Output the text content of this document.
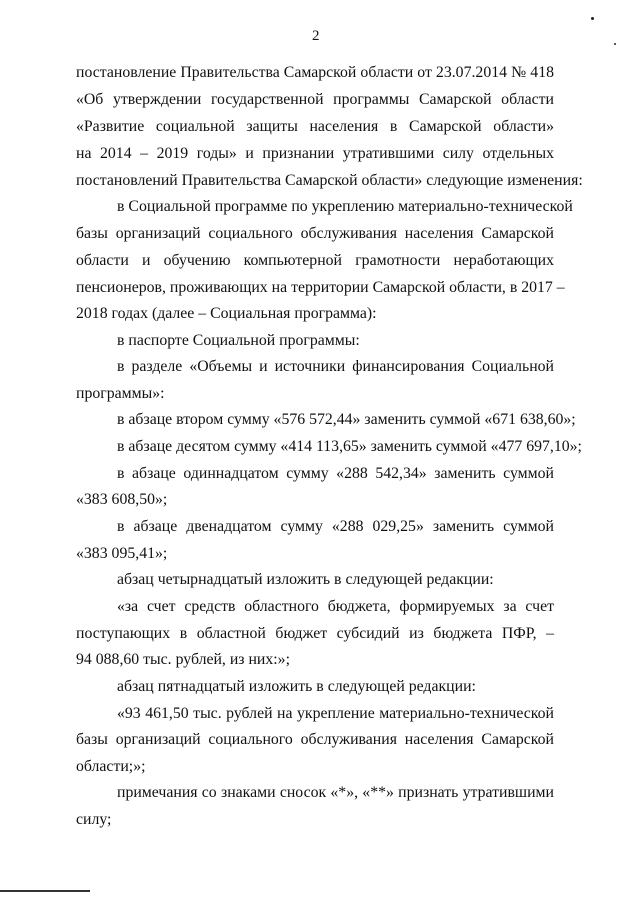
2
постановление Правительства Самарской области от 23.07.2014 № 418
«Об утверждении государственной программы Самарской области
«Развитие социальной защиты населения в Самарской области»
на 2014 – 2019 годы» и признании утратившими силу отдельных
постановлений Правительства Самарской области» следующие изменения:
в Социальной программе по укреплению материально-технической
базы организаций социального обслуживания населения Самарской
области и обучению компьютерной грамотности неработающих
пенсионеров, проживающих на территории Самарской области, в 2017 –
2018 годах (далее – Социальная программа):
в паспорте Социальной программы:
в разделе «Объемы и источники финансирования Социальной
программы»:
в абзаце втором сумму «576 572,44» заменить суммой «671 638,60»;
в абзаце десятом сумму «414 113,65» заменить суммой «477 697,10»;
в абзаце одиннадцатом сумму «288 542,34» заменить суммой
«383 608,50»;
в абзаце двенадцатом сумму «288 029,25» заменить суммой
«383 095,41»;
абзац четырнадцатый изложить в следующей редакции:
«за счет средств областного бюджета, формируемых за счет
поступающих в областной бюджет субсидий из бюджета ПФР, –
94 088,60 тыс. рублей, из них:»;
абзац пятнадцатый изложить в следующей редакции:
«93 461,50 тыс. рублей на укрепление материально-технической
базы организаций социального обслуживания населения Самарской
области;»;
примечания со знаками сносок «*», «**» признать утратившими
силу;
